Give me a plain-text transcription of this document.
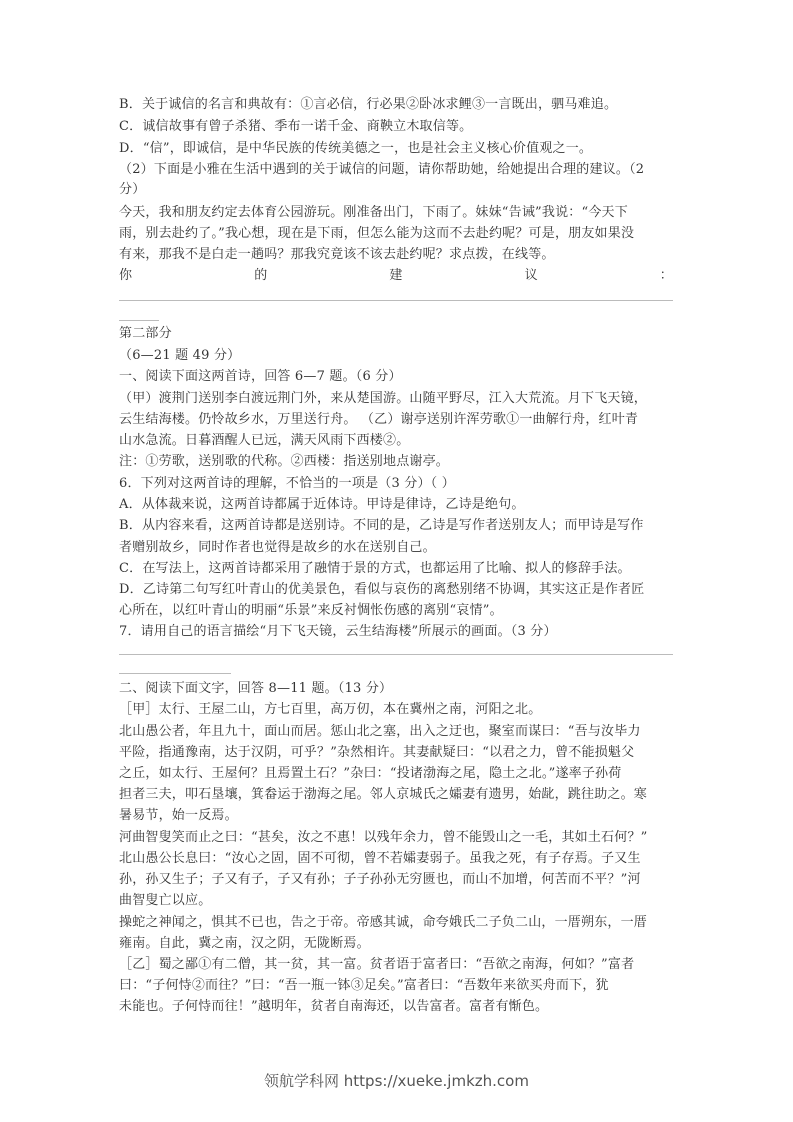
B．关于诚信的名言和典故有：①言必信，行必果②卧冰求鲤③一言既出，驷马难追。
C．诚信故事有曾子杀猪、季布一诺千金、商鞅立木取信等。
D．“信”，即诚信，是中华民族的传统美德之一，也是社会主义核心价值观之一。
（2）下面是小雅在生活中遇到的关于诚信的问题，请你帮助她，给她提出合理的建议。（2
分）
今天，我和朋友约定去体育公园游玩。刚准备出门，下雨了。妹妹“告诫”我说：“今天下
雨，别去赴约了。”我心想，现在是下雨，但怎么能为这而不去赴约呢？可是，朋友如果没
有来，那我不是白走一趟吗？那我究竟该不该去赴约呢？求点拨，在线等。
你	的	建	议	：
第二部分
（6—21 题 49 分）
一、阅读下面这两首诗，回答 6—7 题。（6 分）
（甲）渡荆门送别李白渡远荆门外，来从楚国游。山随平野尽，江入大荒流。月下飞天镜，
云生结海楼。仍怜故乡水，万里送行舟。 （乙）谢亭送别许浑劳歌①一曲解行舟，红叶青
山水急流。日暮酒醒人已远，满天风雨下西楼②。
注：①劳歌，送别歌的代称。②西楼：指送别地点谢亭。
6．下列对这两首诗的理解，不恰当的一项是（3 分）（ ）
A．从体裁来说，这两首诗都属于近体诗。甲诗是律诗，乙诗是绝句。
B．从内容来看，这两首诗都是送别诗。不同的是，乙诗是写作者送别友人；而甲诗是写作
者赠别故乡，同时作者也觉得是故乡的水在送别自己。
C．在写法上，这两首诗都采用了融情于景的方式，也都运用了比喻、拟人的修辞手法。
D．乙诗第二句写红叶青山的优美景色，看似与哀伤的离愁别绪不协调，其实这正是作者匠
心所在，以红叶青山的明丽“乐景”来反衬惆怅伤感的离别“哀情”。
7．请用自己的语言描绘“月下飞天镜，云生结海楼”所展示的画面。（3 分）
二、阅读下面文字，回答 8—11 题。（13 分）
［甲］太行、王屋二山，方七百里，高万仞，本在冀州之南，河阳之北。
北山愚公者，年且九十，面山而居。惩山北之塞，出入之迂也，聚室而谋曰：“吾与汝毕力
平险，指通豫南，达于汉阴，可乎？”杂然相许。其妻献疑曰：“以君之力，曾不能损魁父
之丘，如太行、王屋何？且焉置土石？”杂曰：“投诸渤海之尾，隐土之北。”遂率子孙荷
担者三夫，叩石垦壤，箕畚运于渤海之尾。邻人京城氏之孀妻有遗男，始龀，跳往助之。寒
暑易节，始一反焉。
河曲智叟笑而止之曰：“甚矣，汝之不惠！以残年余力，曾不能毁山之一毛，其如土石何？”
北山愚公长息曰：“汝心之固，固不可彻，曾不若孀妻弱子。虽我之死，有子存焉。子又生
孙，孙又生子；子又有子，子又有孙；子子孙孙无穷匮也，而山不加增，何苦而不平？”河
曲智叟亡以应。
操蛇之神闻之，惧其不已也，告之于帝。帝感其诚，命夸娥氏二子负二山，一厝朔东，一厝
雍南。自此，冀之南，汉之阴，无陇断焉。
［乙］蜀之鄙①有二僧，其一贫，其一富。贫者语于富者曰：“吾欲之南海，何如？”富者
曰：“子何恃②而往？”曰：“吾一瓶一钵③足矣。”富者曰：“吾数年来欲买舟而下，犹
未能也。子何恃而往！”越明年，贫者自南海还，以告富者。富者有惭色。
领航学科网 https://xueke.jmkzh.com
